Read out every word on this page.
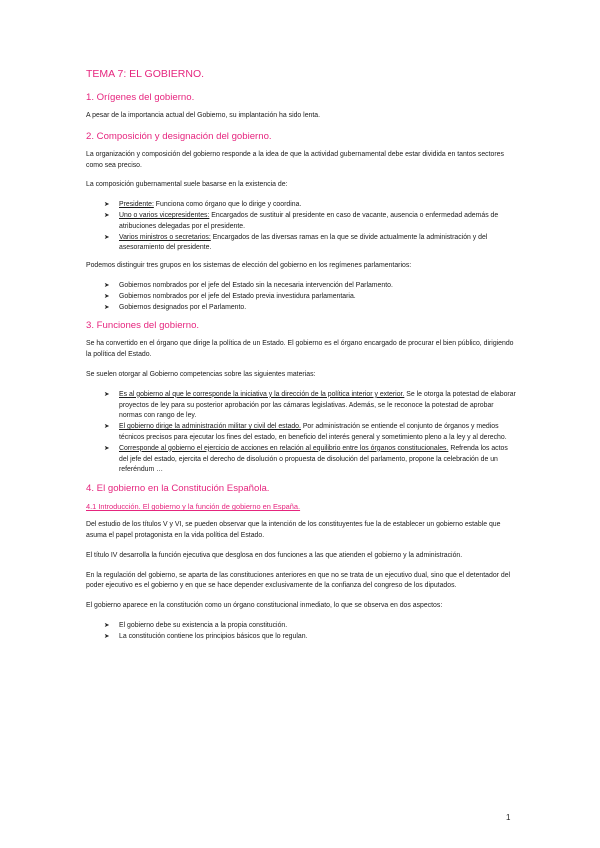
TEMA 7: EL GOBIERNO.
1. Orígenes del gobierno.

A pesar de la importancia actual del Gobierno, su implantación ha sido lenta.

2. Composición y designación del gobierno.

La organización y composición del gobierno responde a la idea de que la actividad gubernamental debe estar dividida en tantos sectores como sea preciso.

La composición gubernamental suele basarse en la existencia de:

➤ Presidente: Funciona como órgano que lo dirige y coordina.
➤ Uno o varios vicepresidentes: Encargados de sustituir al presidente en caso de vacante, ausencia o enfermedad además de atribuciones delegadas por el presidente.
➤ Varios ministros o secretarios: Encargados de las diversas ramas en la que se divide actualmente la administración y del asesoramiento del presidente.

Podemos distinguir tres grupos en los sistemas de elección del gobierno en los regímenes parlamentarios:

➤ Gobiernos nombrados por el jefe del Estado sin la necesaria intervención del Parlamento.
➤ Gobiernos nombrados por el jefe del Estado previa investidura parlamentaria.
➤ Gobiernos designados por el Parlamento.
3. Funciones del gobierno.

Se ha convertido en el órgano que dirige la política de un Estado. El gobierno es el órgano encargado de procurar el bien público, dirigiendo la política del Estado.

Se suelen otorgar al Gobierno competencias sobre las siguientes materias:

➤ Es al gobierno al que le corresponde la iniciativa y la dirección de la política interior y exterior. Se le otorga la potestad de elaborar proyectos de ley para su posterior aprobación por las cámaras legislativas. Además, se le reconoce la potestad de aprobar normas con rango de ley.
➤ El gobierno dirige la administración militar y civil del estado. Por administración se entiende el conjunto de órganos y medios técnicos precisos para ejecutar los fines del estado, en beneficio del interés general y sometimiento pleno a la ley y al derecho.
➤ Corresponde al gobierno el ejercicio de acciones en relación al equilibrio entre los órganos constitucionales. Refrenda los actos del jefe del estado, ejercita el derecho de disolución o propuesta de disolución del parlamento, propone la celebración de un referéndum …
4. El gobierno en la Constitución Española.
4.1 Introducción. El gobierno y la función de gobierno en España.

Del estudio de los títulos V y VI, se pueden observar que la intención de los constituyentes fue la de establecer un gobierno estable que asuma el papel protagonista en la vida política del Estado.

El título IV desarrolla la función ejecutiva que desglosa en dos funciones a las que atienden el gobierno y la administración.

En la regulación del gobierno, se aparta de las constituciones anteriores en que no se trata de un ejecutivo dual, sino que el detentador del poder ejecutivo es el gobierno y en que se hace depender exclusivamente de la confianza del congreso de los diputados.

El gobierno aparece en la constitución como un órgano constitucional inmediato, lo que se observa en dos aspectos:

➤ El gobierno debe su existencia a la propia constitución.
➤ La constitución contiene los principios básicos que lo regulan.
1
